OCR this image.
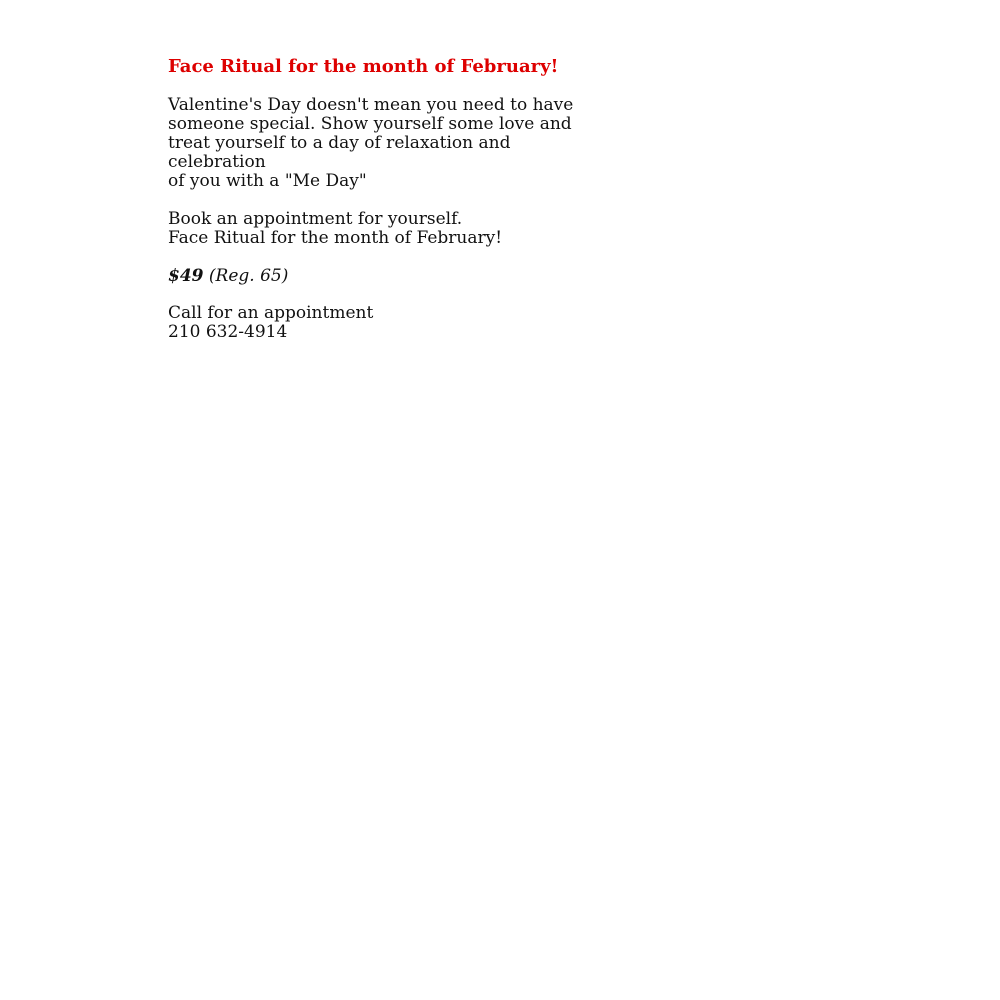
Face Ritual for the month of February!
Valentine's Day doesn't mean you need to have
someone special. Show yourself some love and
treat yourself to a day of relaxation and celebration
of you with a "Me Day"
Book an appointment for yourself.
Face Ritual for the month of February!
$49 (Reg. 65)
Call for an appointment
210 632-4914
